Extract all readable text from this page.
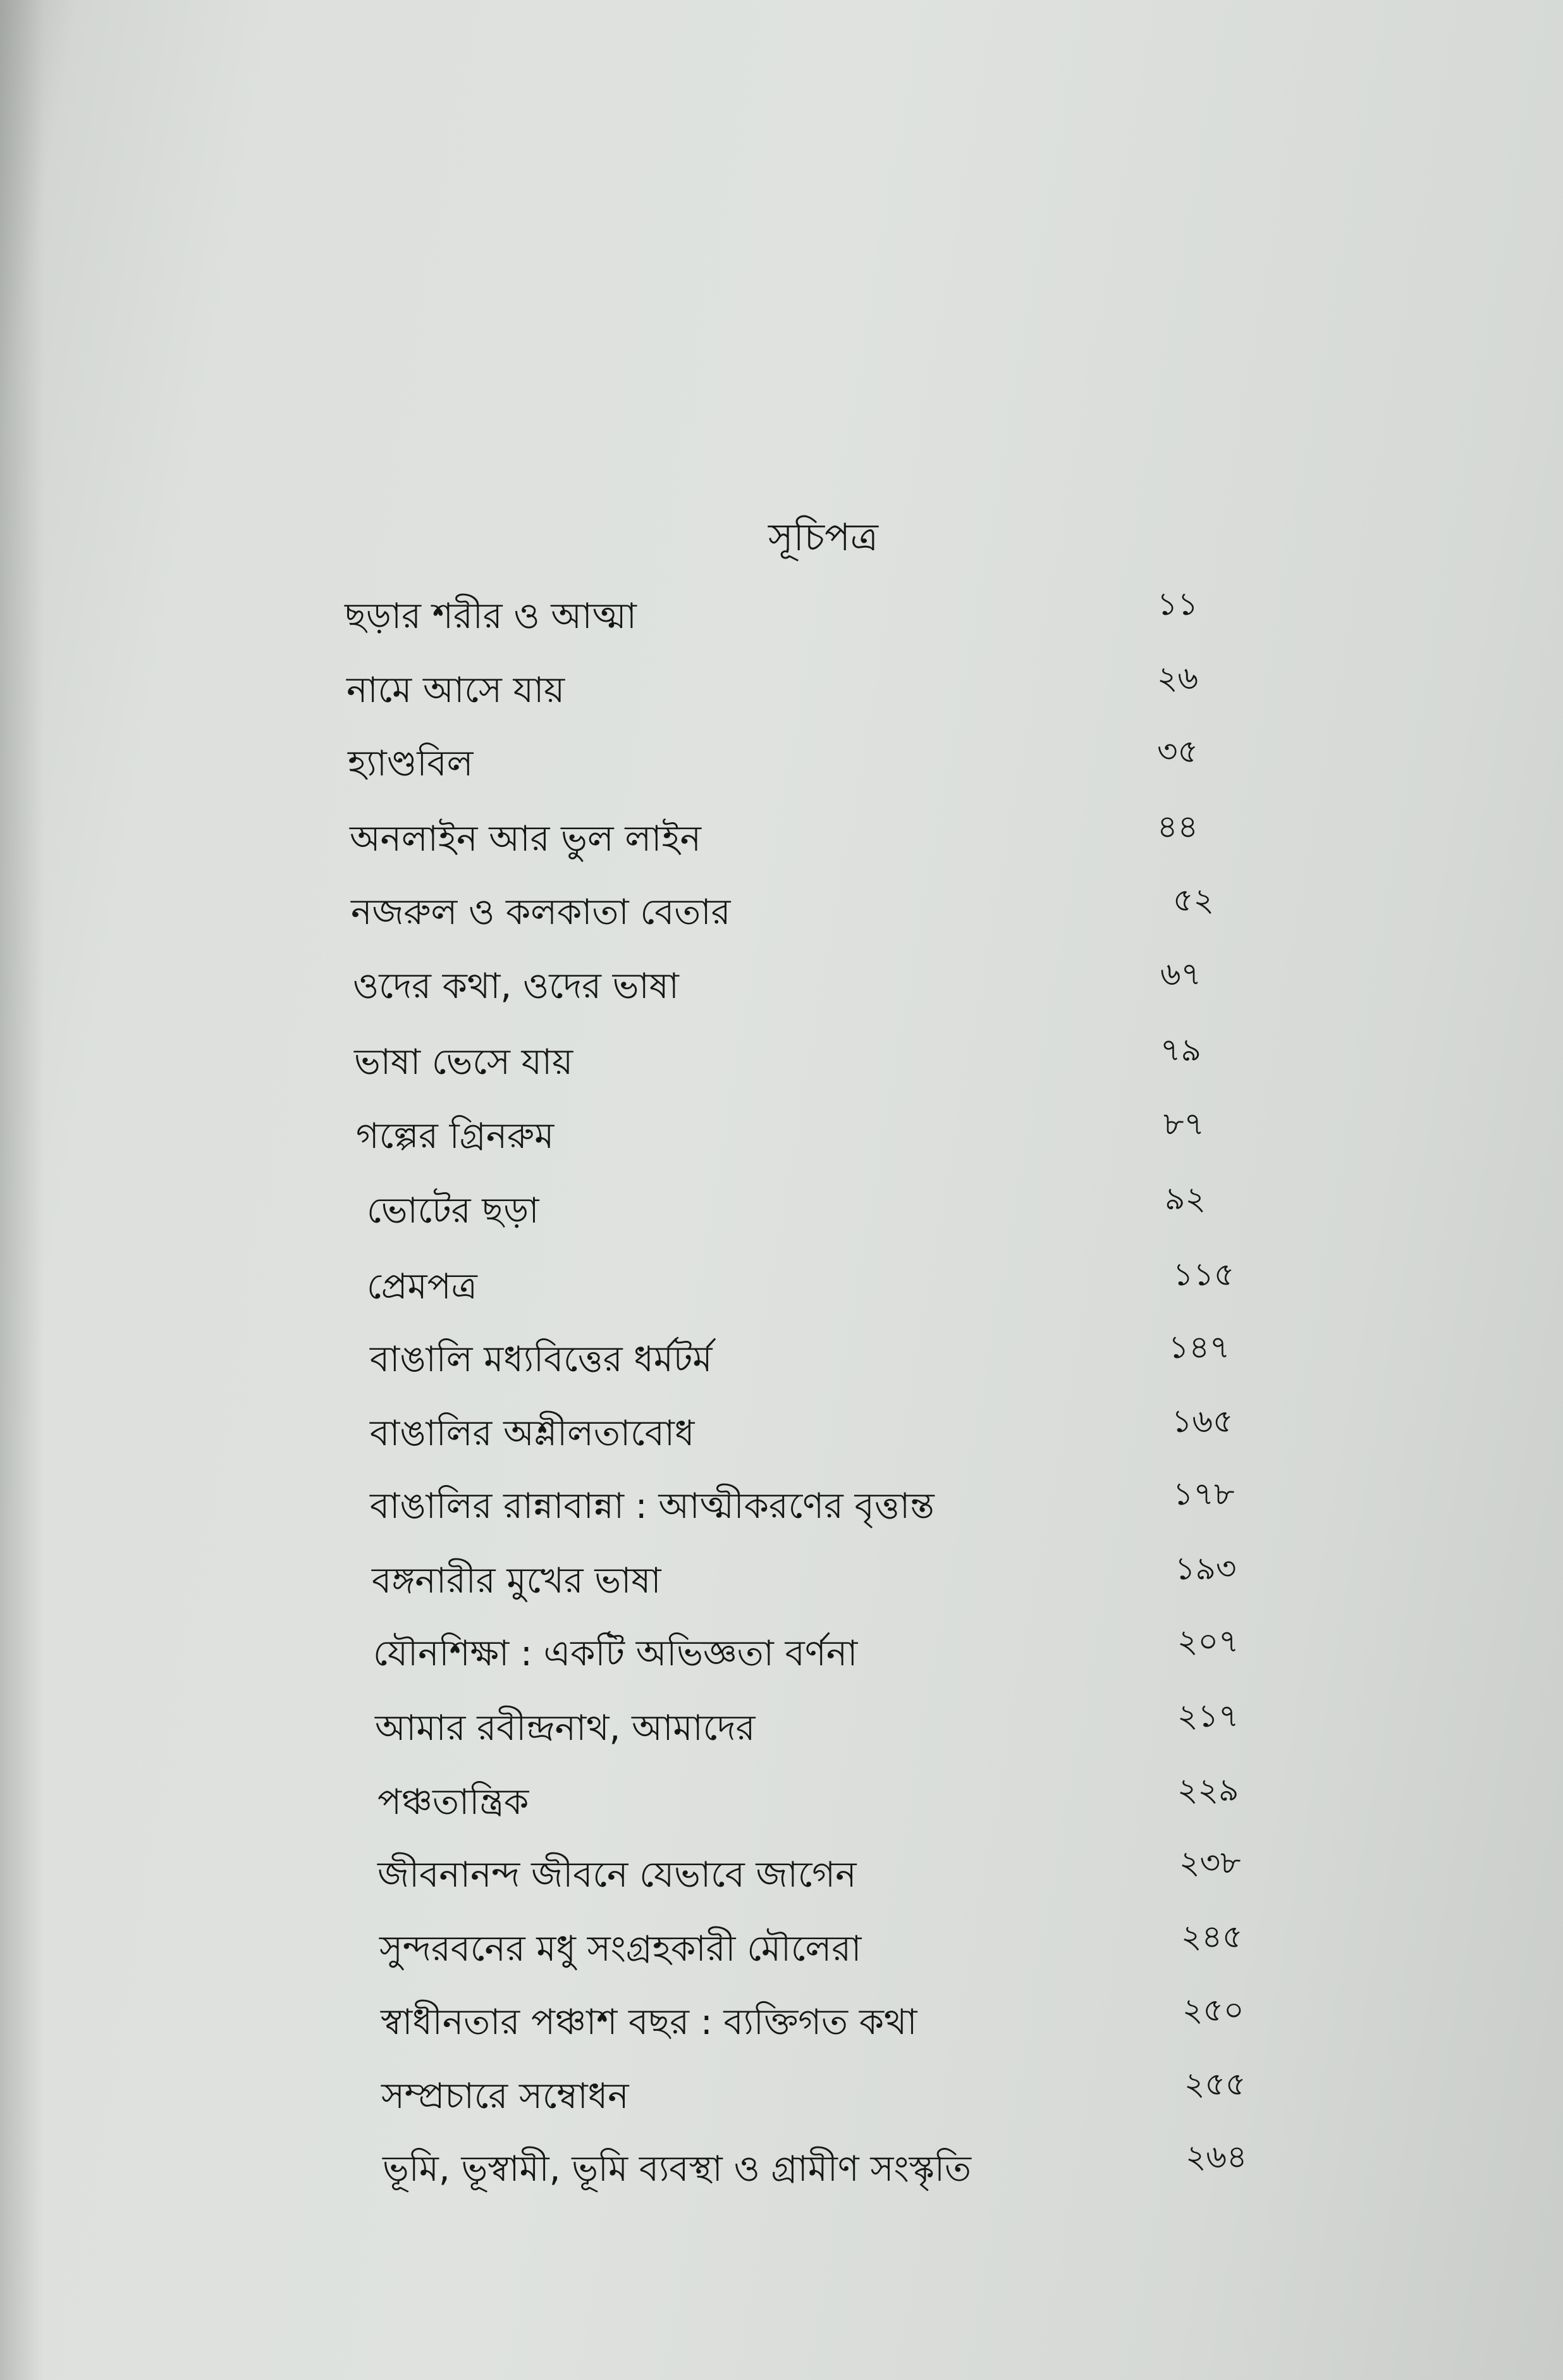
সূচিপত্র
ছড়ার শরীর ও আত্মা	১১
নামে আসে যায়	২৬
হ্যাণ্ডবিল	৩৫
অনলাইন আর ভুল লাইন	৪৪
নজরুল ও কলকাতা বেতার	৫২
ওদের কথা, ওদের ভাষা	৬৭
ভাষা ভেসে যায়	৭৯
গল্পের গ্রিনরুম	৮৭
ভোটের ছড়া	৯২
প্রেমপত্র	১১৫
বাঙালি মধ্যবিত্তের ধর্মটর্ম	১৪৭
বাঙালির অশ্লীলতাবোধ	১৬৫
বাঙালির রান্নাবান্না : আত্মীকরণের বৃত্তান্ত	১৭৮
বঙ্গনারীর মুখের ভাষা	১৯৩
যৌনশিক্ষা : একটি অভিজ্ঞতা বর্ণনা	২০৭
আমার রবীন্দ্রনাথ, আমাদের	২১৭
পঞ্চতান্ত্রিক	২২৯
জীবনানন্দ জীবনে যেভাবে জাগেন	২৩৮
সুন্দরবনের মধু সংগ্রহকারী মৌলেরা	২৪৫
স্বাধীনতার পঞ্চাশ বছর : ব্যক্তিগত কথা	২৫০
সম্প্রচারে সম্বোধন	২৫৫
ভূমি, ভূস্বামী, ভূমি ব্যবস্থা ও গ্রামীণ সংস্কৃতি	২৬৪
